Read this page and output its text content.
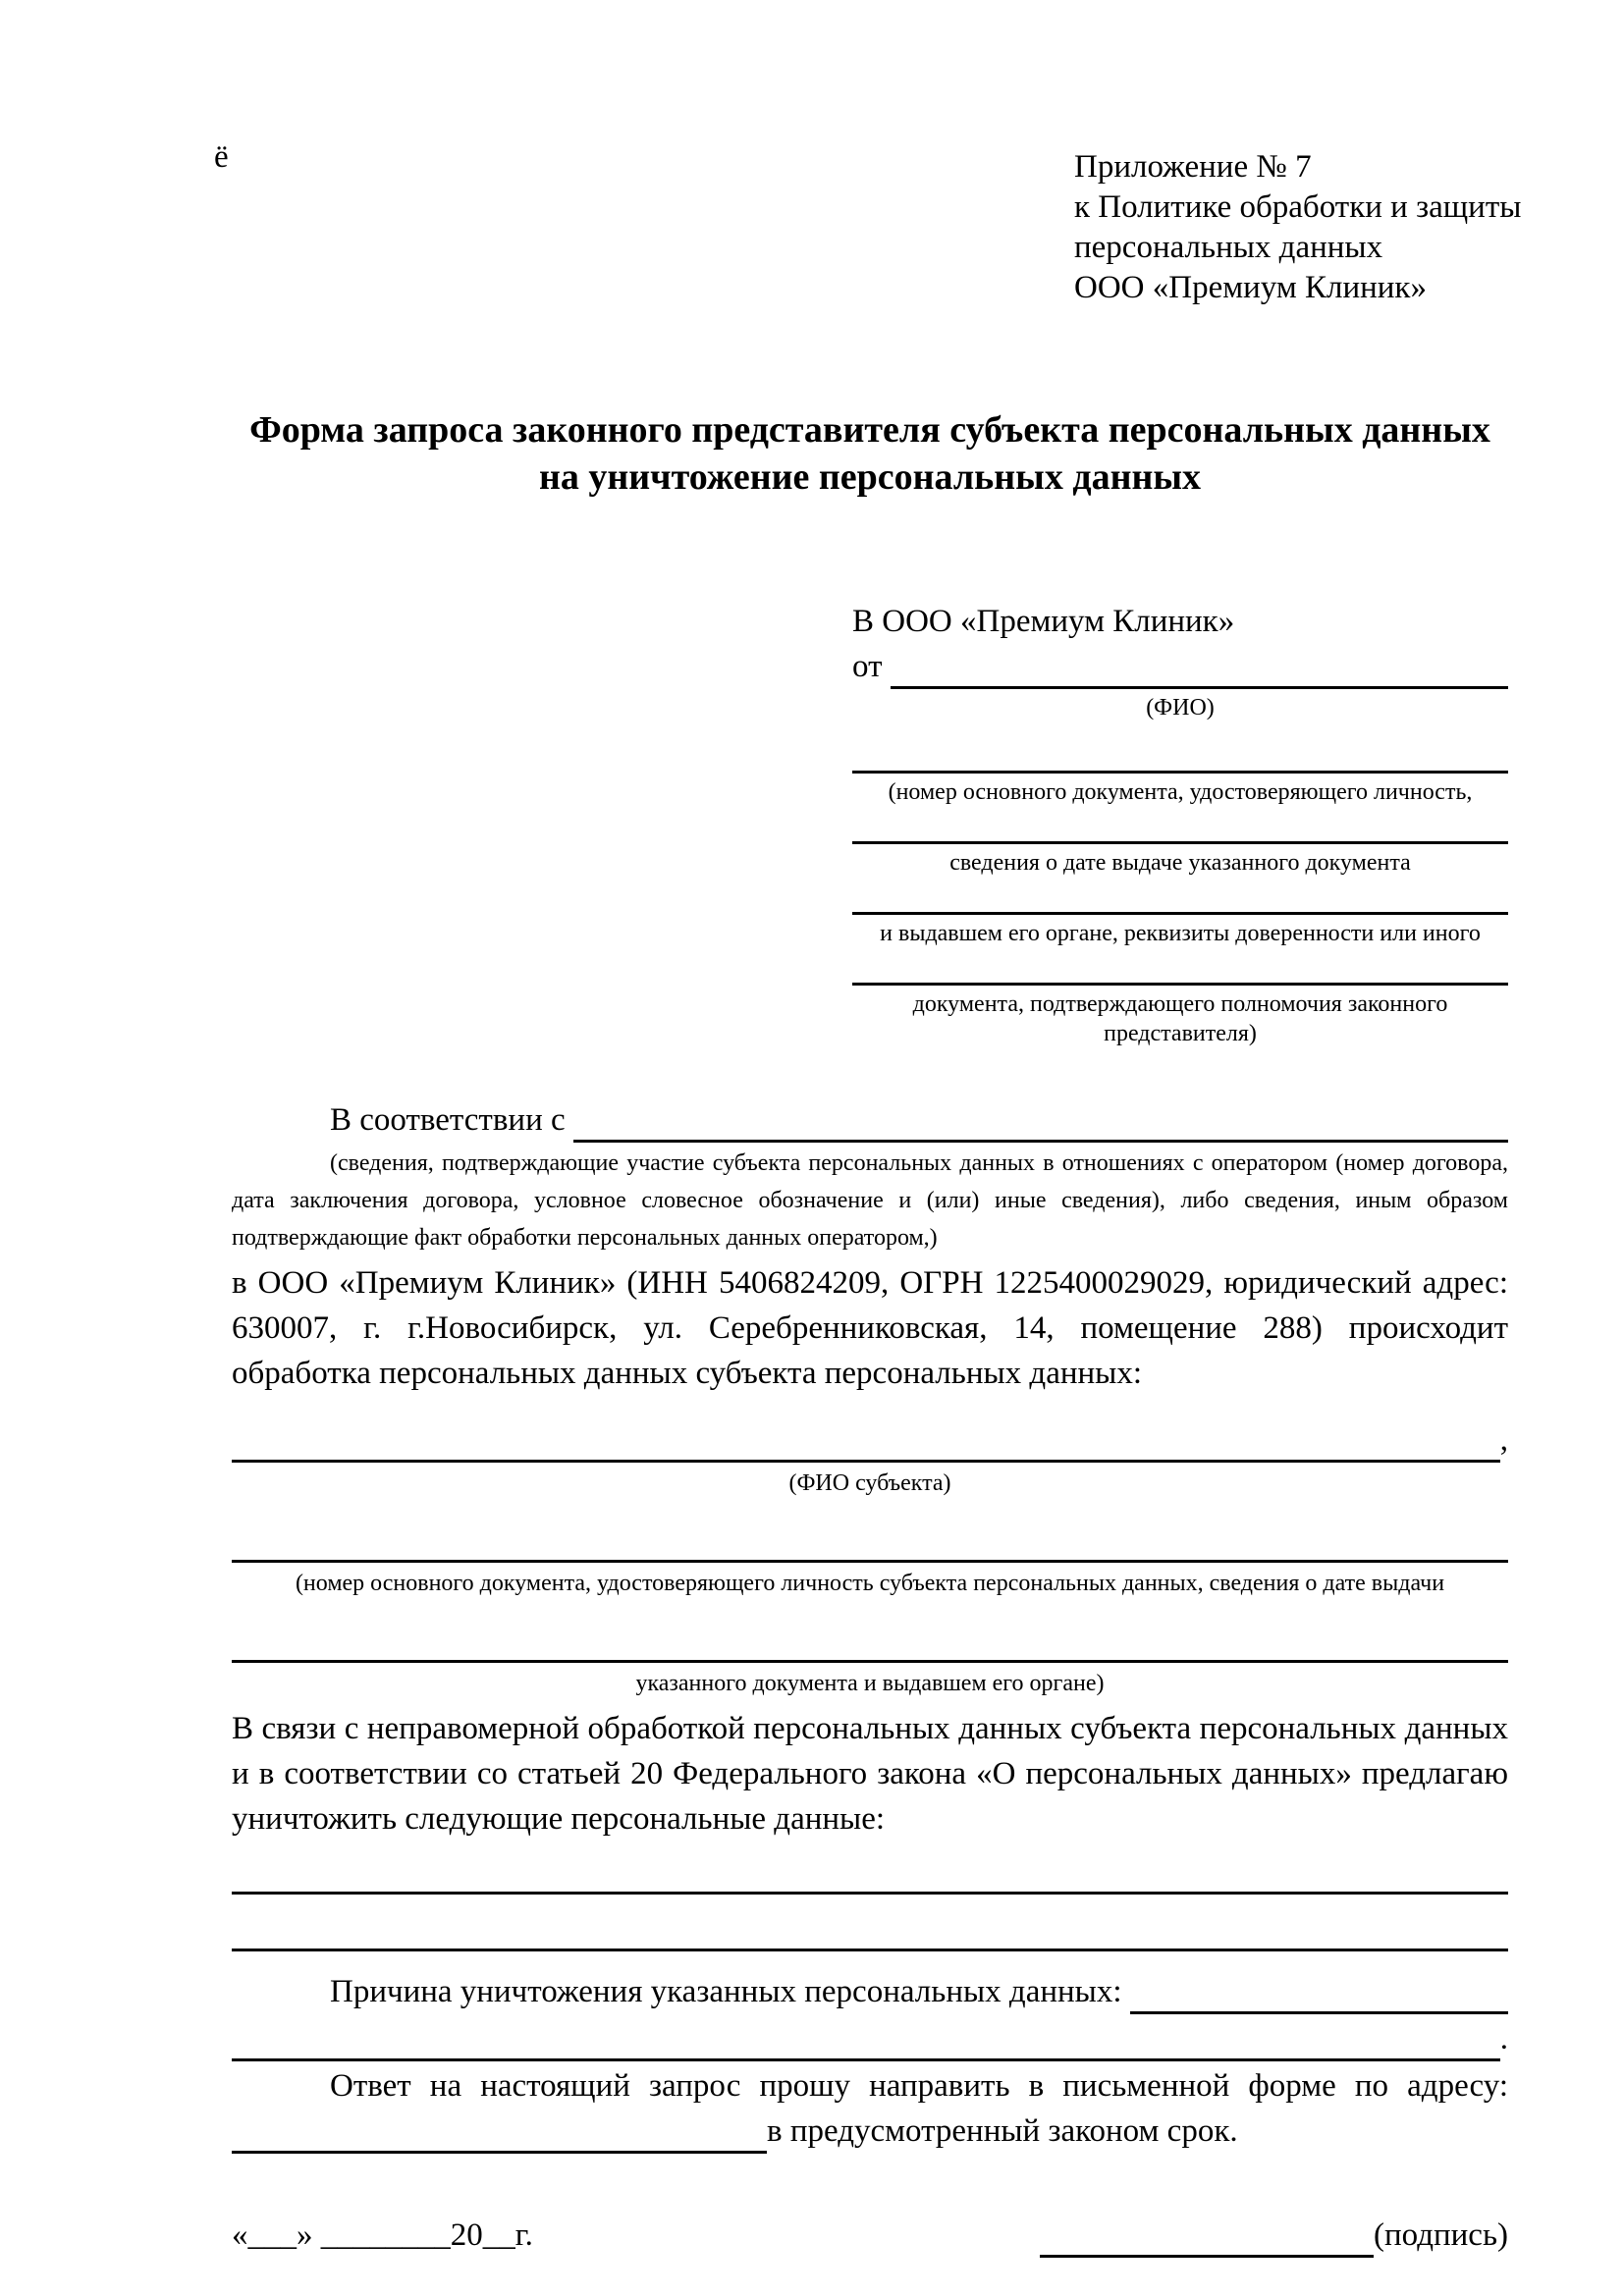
ё	Приложение № 7
к Политике обработки и защиты
персональных данных
ООО «Премиум Клиник»
Форма запроса законного представителя субъекта персональных данных
на уничтожение персональных данных
В ООО «Премиум Клиник»
от
(ФИО)
(номер основного документа, удостоверяющего личность,
сведения о дате выдаче указанного документа
и выдавшем его органе, реквизиты доверенности или иного
документа, подтверждающего полномочия законного представителя)
В соответствии с

(сведения, подтверждающие участие субъекта персональных данных в отношениях с оператором (номер договора, дата заключения договора, условное словесное обозначение и (или) иные сведения), либо сведения, иным образом подтверждающие факт обработки персональных данных оператором,)

в ООО «Премиум Клиник» (ИНН 5406824209, ОГРН 1225400029029, юридический адрес: 630007, г. г.Новосибирск, ул. Серебренниковская, 14, помещение 288) происходит обработка персональных данных субъекта персональных данных:

,
(ФИО субъекта)
(номер основного документа, удостоверяющего личность субъекта персональных данных, сведения о дате выдачи
указанного документа и выдавшем его органе)

В связи с неправомерной обработкой персональных данных субъекта персональных данных и в соответствии со статьей 20 Федерального закона «О персональных данных» предлагаю уничтожить следующие персональные данные:

Причина уничтожения указанных персональных данных:
.

Ответ на настоящий запрос прошу направить в письменной форме по адресу:

в предусмотренный законом срок.
«___» ________20__г.	(подпись)
